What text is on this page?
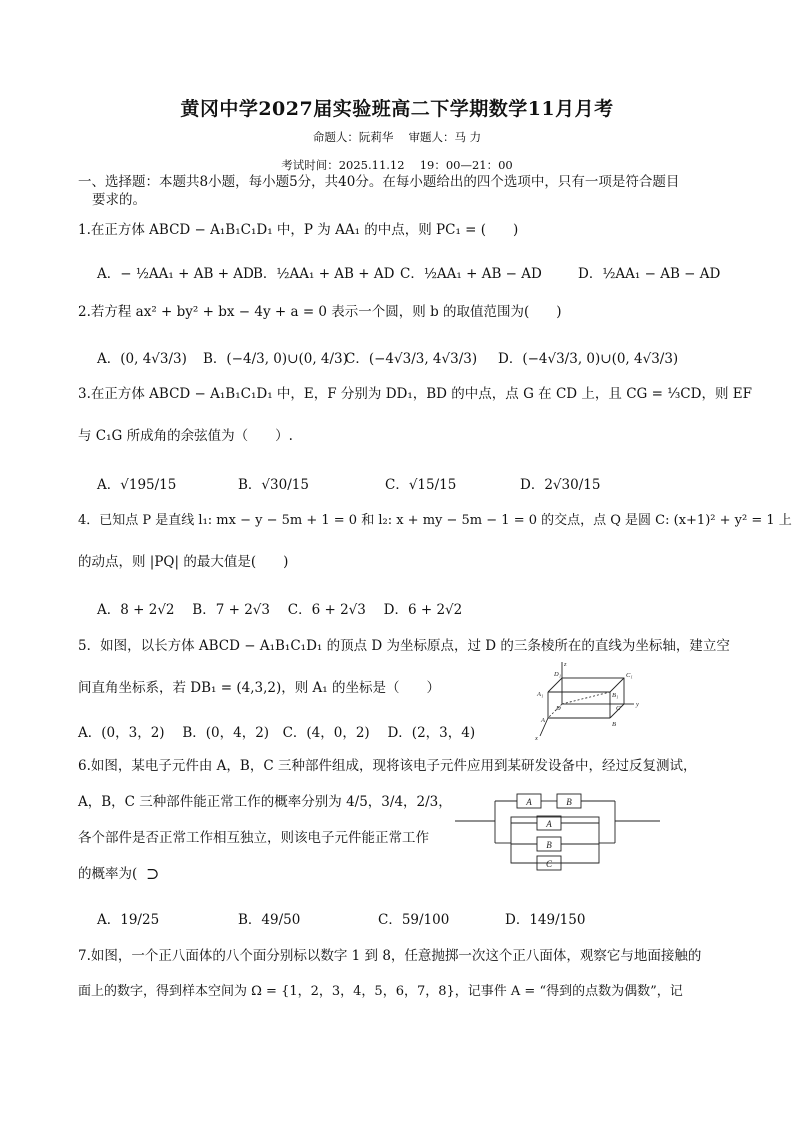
黄冈中学2027届实验班高二下学期数学11月月考
命题人：阮莉华　 审题人：马 力
考试时间：2025.11.12　 19：00—21：00
一、选择题：本题共8小题，每小题5分，共40分。在每小题给出的四个选项中，只有一项是符合题目
要求的。
1.在正方体 ABCD − A₁B₁C₁D₁ 中，P 为 AA₁ 的中点，则 PC₁ = (　　)
A．− ½AA₁ + AB + AD B．½AA₁ + AB + AD C．½AA₁ + AB − AD	D．½AA₁ − AB − AD
2.若方程 ax² + by² + bx − 4y + a = 0 表示一个圆，则 b 的取值范围为(　　)
A．(0, 4√3/3) B．(−4/3, 0)∪(0, 4/3)
C．(−4√3/3, 4√3/3) D．(−4√3/3, 0)∪(0, 4√3/3)
3.在正方体 ABCD − A₁B₁C₁D₁ 中，E，F 分别为 DD₁，BD 的中点，点 G 在 CD 上，且 CG = ⅓CD，则 EF
与 C₁G 所成角的余弦值为（　　）.
A．√195/15	B．√30/15	C．√15/15	D．2√30/15
4．已知点 P 是直线 l₁: mx − y − 5m + 1 = 0 和 l₂: x + my − 5m − 1 = 0 的交点，点 Q 是圆 C: (x+1)² + y² = 1 上
的动点，则 |PQ| 的最大值是(　　)
A．8 + 2√2　 B．7 + 2√3　 C．6 + 2√3　 D．6 + 2√2
5．如图，以长方体 ABCD − A₁B₁C₁D₁ 的顶点 D 为坐标原点，过 D 的三条棱所在的直线为坐标轴，建立空
间直角坐标系，若 DB₁ = (4,3,2)，则 A₁ 的坐标是（　　）
A．(0，3，2)　 B．(0，4，2)　C．(4，0，2)　 D．(2，3，4)
z
D₁	C₁
A₁	B₁
D	C
y
A
B
x
6.如图，某电子元件由 A，B，C 三种部件组成，现将该电子元件应用到某研发设备中，经过反复测试，
A，B，C 三种部件能正常工作的概率分别为 4/5，3/4，2/3，
各个部件是否正常工作相互独立，则该电子元件能正常工作
的概率为( ⊃
A	B
A
B
C
A．19/25	B．49/50	C．59/100	D．149/150
7.如图，一个正八面体的八个面分别标以数字 1 到 8，任意抛掷一次这个正八面体，观察它与地面接触的
面上的数字，得到样本空间为 Ω = {1，2，3，4，5，6，7，8}，记事件 A = “得到的点数为偶数”，记
